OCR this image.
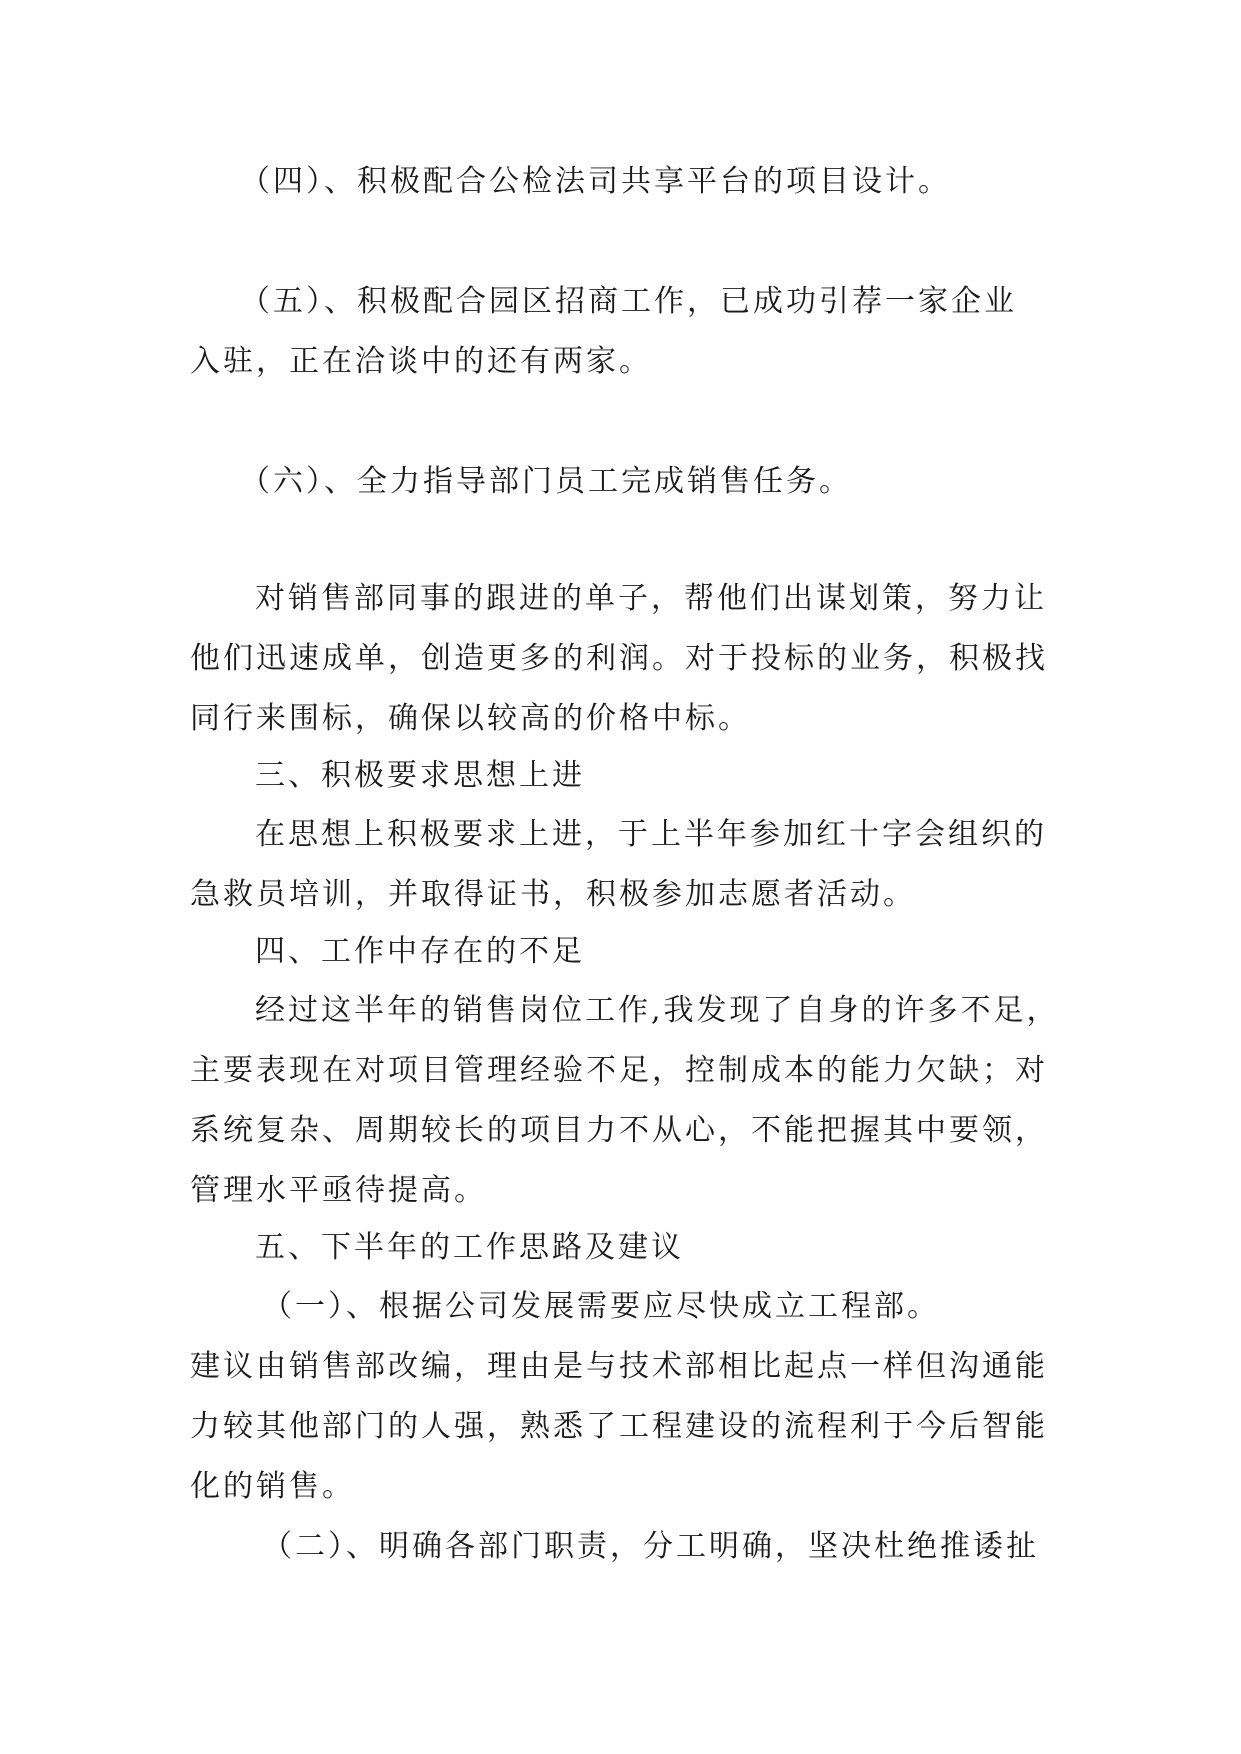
（四）、积极配合公检法司共享平台的项目设计。
（五）、积极配合园区招商工作，已成功引荐一家企业
入驻，正在洽谈中的还有两家。
（六）、全力指导部门员工完成销售任务。
对销售部同事的跟进的单子，帮他们出谋划策，努力让
他们迅速成单，创造更多的利润。对于投标的业务，积极找
同行来围标，确保以较高的价格中标。
三、积极要求思想上进
在思想上积极要求上进，于上半年参加红十字会组织的
急救员培训，并取得证书，积极参加志愿者活动。
四、工作中存在的不足
经过这半年的销售岗位工作,我发现了自身的许多不足，
主要表现在对项目管理经验不足，控制成本的能力欠缺；对
系统复杂、周期较长的项目力不从心，不能把握其中要领，
管理水平亟待提高。
五、下半年的工作思路及建议
（一）、根据公司发展需要应尽快成立工程部。
建议由销售部改编，理由是与技术部相比起点一样但沟通能
力较其他部门的人强，熟悉了工程建设的流程利于今后智能
化的销售。
（二）、明确各部门职责，分工明确，坚决杜绝推诿扯
